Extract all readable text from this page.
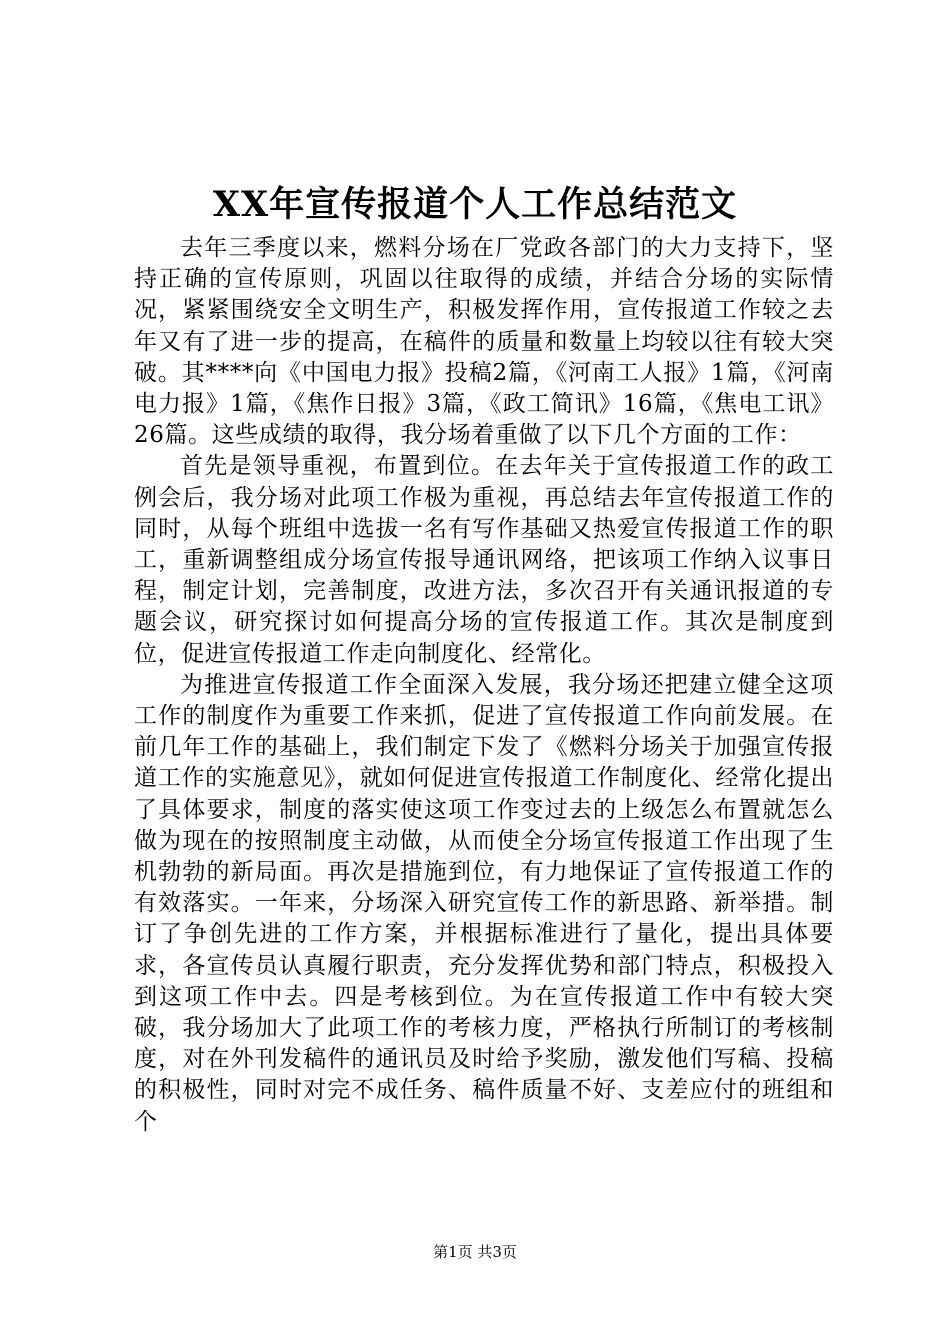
XX年宣传报道个人工作总结范文

去年三季度以来，燃料分场在厂党政各部门的大力支持下，坚持正确的宣传原则，巩固以往取得的成绩，并结合分场的实际情况，紧紧围绕安全文明生产，积极发挥作用，宣传报道工作较之去年又有了进一步的提高，在稿件的质量和数量上均较以往有较大突破。其****向《中国电力报》投稿2篇，《河南工人报》1篇，《河南电力报》1篇，《焦作日报》3篇，《政工简讯》16篇，《焦电工讯》26篇。这些成绩的取得，我分场着重做了以下几个方面的工作：

首先是领导重视，布置到位。在去年关于宣传报道工作的政工例会后，我分场对此项工作极为重视，再总结去年宣传报道工作的同时，从每个班组中选拔一名有写作基础又热爱宣传报道工作的职工，重新调整组成分场宣传报导通讯网络，把该项工作纳入议事日程，制定计划，完善制度，改进方法，多次召开有关通讯报道的专题会议，研究探讨如何提高分场的宣传报道工作。其次是制度到位，促进宣传报道工作走向制度化、经常化。

为推进宣传报道工作全面深入发展，我分场还把建立健全这项工作的制度作为重要工作来抓，促进了宣传报道工作向前发展。在前几年工作的基础上，我们制定下发了《燃料分场关于加强宣传报道工作的实施意见》，就如何促进宣传报道工作制度化、经常化提出了具体要求，制度的落实使这项工作变过去的上级怎么布置就怎么做为现在的按照制度主动做，从而使全分场宣传报道工作出现了生机勃勃的新局面。再次是措施到位，有力地保证了宣传报道工作的有效落实。一年来，分场深入研究宣传工作的新思路、新举措。制订了争创先进的工作方案，并根据标准进行了量化，提出具体要求，各宣传员认真履行职责，充分发挥优势和部门特点，积极投入到这项工作中去。四是考核到位。为在宣传报道工作中有较大突破，我分场加大了此项工作的考核力度，严格执行所制订的考核制度，对在外刊发稿件的通讯员及时给予奖励，激发他们写稿、投稿的积极性，同时对完不成任务、稿件质量不好、支差应付的班组和个

第1页 共3页
